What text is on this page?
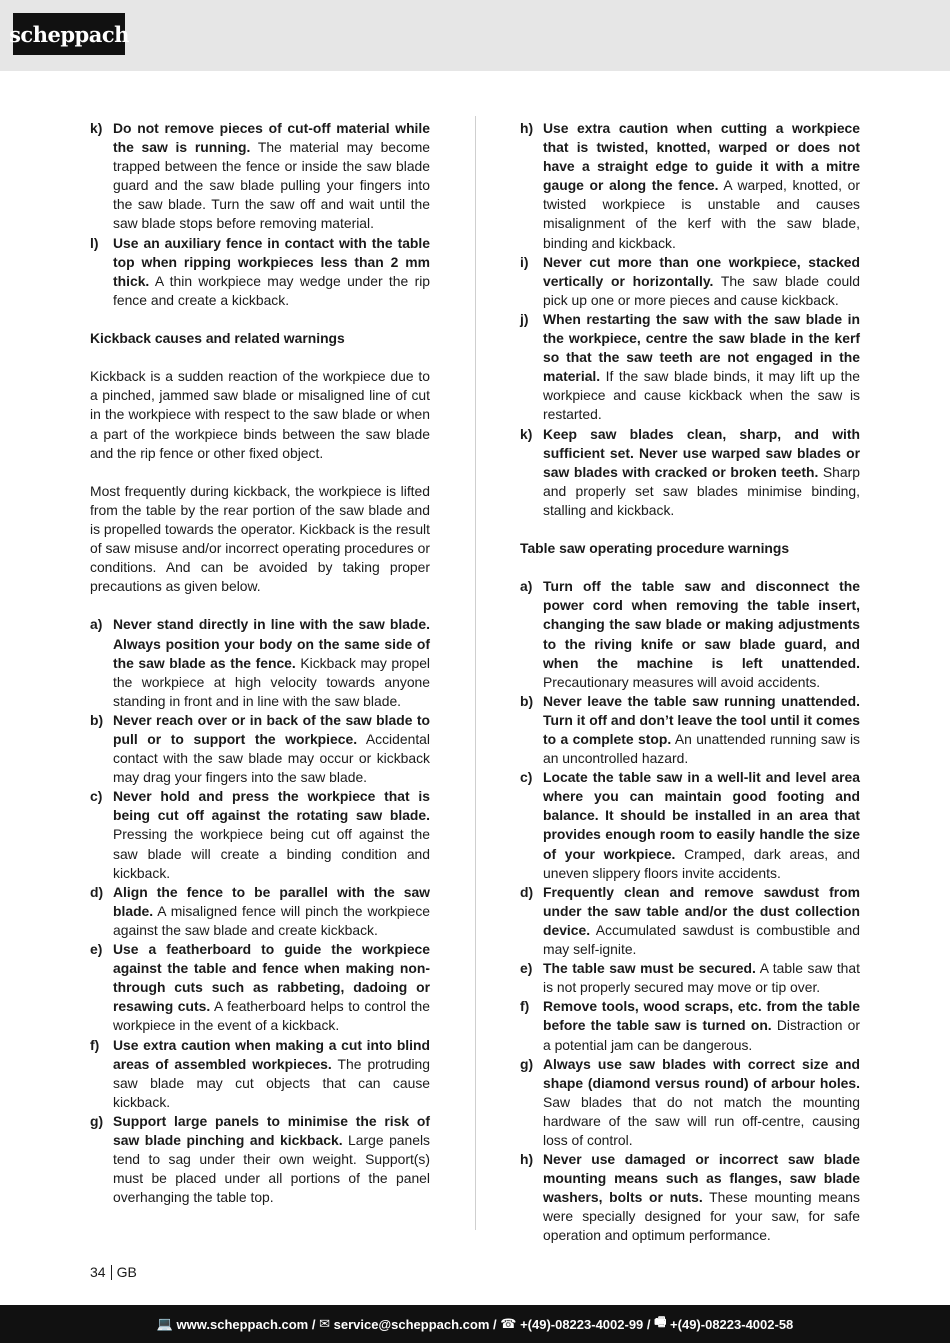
scheppach
k) Do not remove pieces of cut-off material while the saw is running. The material may become trapped between the fence or inside the saw blade guard and the saw blade pulling your fingers into the saw blade. Turn the saw off and wait until the saw blade stops before removing material.
l) Use an auxiliary fence in contact with the table top when ripping workpieces less than 2 mm thick. A thin workpiece may wedge under the rip fence and create a kickback.

Kickback causes and related warnings

Kickback is a sudden reaction of the workpiece due to a pinched, jammed saw blade or misaligned line of cut in the workpiece with respect to the saw blade or when a part of the workpiece binds between the saw blade and the rip fence or other fixed object.

Most frequently during kickback, the workpiece is lifted from the table by the rear portion of the saw blade and is propelled towards the operator. Kickback is the result of saw misuse and/or incorrect operating procedures or conditions. And can be avoided by taking proper precautions as given below.

a) Never stand directly in line with the saw blade. Always position your body on the same side of the saw blade as the fence. Kickback may propel the workpiece at high velocity towards anyone standing in front and in line with the saw blade.
b) Never reach over or in back of the saw blade to pull or to support the workpiece. Accidental contact with the saw blade may occur or kickback may drag your fingers into the saw blade.
c) Never hold and press the workpiece that is being cut off against the rotating saw blade. Pressing the workpiece being cut off against the saw blade will create a binding condition and kickback.
d) Align the fence to be parallel with the saw blade. A misaligned fence will pinch the workpiece against the saw blade and create kickback.
e) Use a featherboard to guide the workpiece against the table and fence when making non-through cuts such as rabbeting, dadoing or resawing cuts. A featherboard helps to control the workpiece in the event of a kickback.
f) Use extra caution when making a cut into blind areas of assembled workpieces. The protruding saw blade may cut objects that can cause kickback.
g) Support large panels to minimise the risk of saw blade pinching and kickback. Large panels tend to sag under their own weight. Support(s) must be placed under all portions of the panel overhanging the table top.
h) Use extra caution when cutting a workpiece that is twisted, knotted, warped or does not have a straight edge to guide it with a mitre gauge or along the fence. A warped, knotted, or twisted workpiece is unstable and causes misalignment of the kerf with the saw blade, binding and kickback.
i) Never cut more than one workpiece, stacked vertically or horizontally. The saw blade could pick up one or more pieces and cause kickback.
j) When restarting the saw with the saw blade in the workpiece, centre the saw blade in the kerf so that the saw teeth are not engaged in the material. If the saw blade binds, it may lift up the workpiece and cause kickback when the saw is restarted.
k) Keep saw blades clean, sharp, and with sufficient set. Never use warped saw blades or saw blades with cracked or broken teeth. Sharp and properly set saw blades minimise binding, stalling and kickback.

Table saw operating procedure warnings

a) Turn off the table saw and disconnect the power cord when removing the table insert, changing the saw blade or making adjustments to the riving knife or saw blade guard, and when the machine is left unattended. Precautionary measures will avoid accidents.
b) Never leave the table saw running unattended. Turn it off and don’t leave the tool until it comes to a complete stop. An unattended running saw is an uncontrolled hazard.
c) Locate the table saw in a well-lit and level area where you can maintain good footing and balance. It should be installed in an area that provides enough room to easily handle the size of your workpiece. Cramped, dark areas, and uneven slippery floors invite accidents.
d) Frequently clean and remove sawdust from under the saw table and/or the dust collection device. Accumulated sawdust is combustible and may self-ignite.
e) The table saw must be secured. A table saw that is not properly secured may move or tip over.
f) Remove tools, wood scraps, etc. from the table before the table saw is turned on. Distraction or a potential jam can be dangerous.
g) Always use saw blades with correct size and shape (diamond versus round) of arbour holes. Saw blades that do not match the mounting hardware of the saw will run off-centre, causing loss of control.
h) Never use damaged or incorrect saw blade mounting means such as flanges, saw blade washers, bolts or nuts. These mounting means were specially designed for your saw, for safe operation and optimum performance.
34 GB
💻
www.scheppach.com / ✉
service@scheppach.com / ☎
+(49)-08223-4002-99 / 🖷
+(49)-08223-4002-58
